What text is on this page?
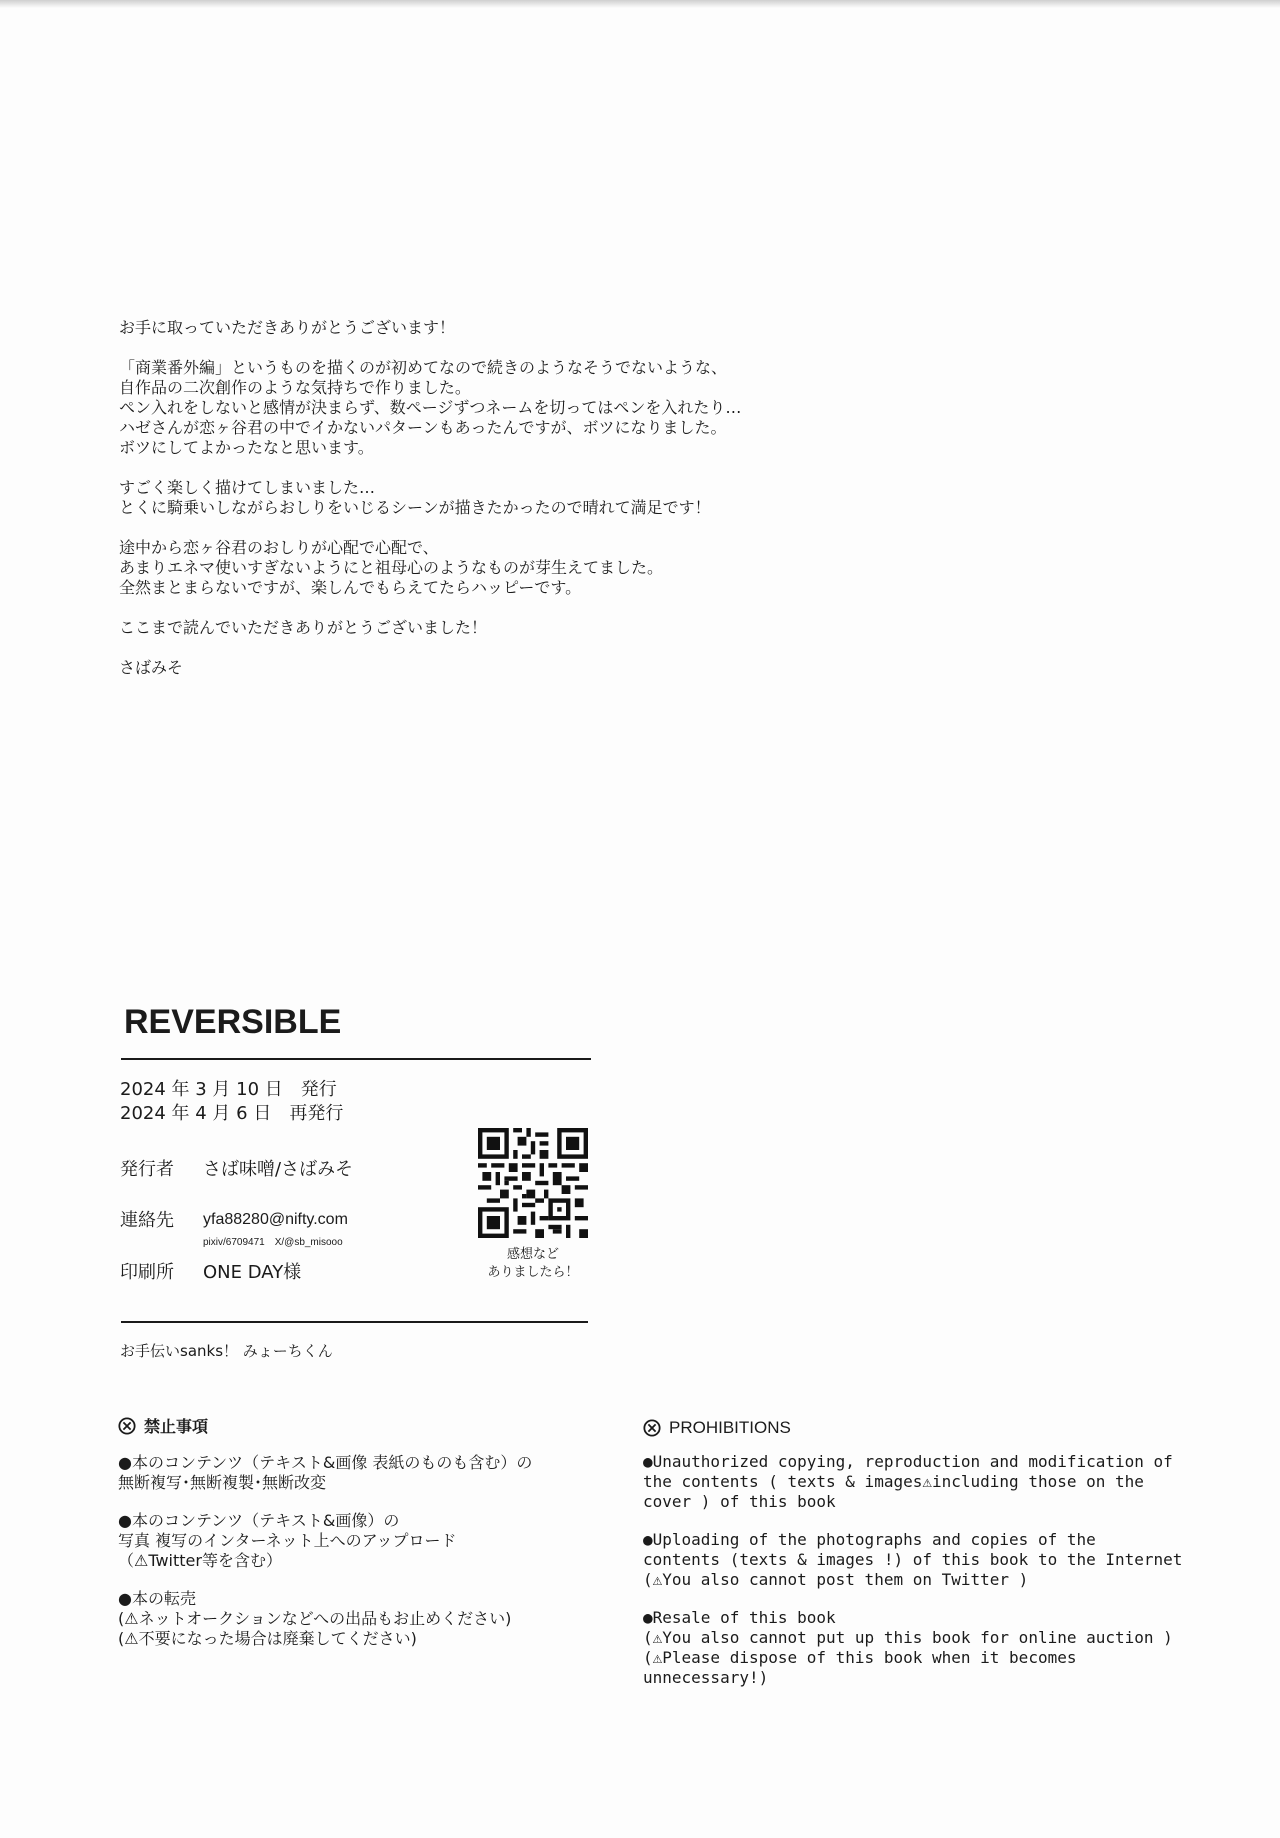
お手に取っていただきありがとうございます！

「商業番外編」というものを描くのが初めてなので続きのようなそうでないような、

自作品の二次創作のような気持ちで作りました。

ペン入れをしないと感情が決まらず、数ページずつネームを切ってはペンを入れたり…

ハゼさんが恋ヶ谷君の中でイかないパターンもあったんですが、ボツになりました。

ボツにしてよかったなと思います。

すごく楽しく描けてしまいました…

とくに騎乗いしながらおしりをいじるシーンが描きたかったので晴れて満足です！

途中から恋ヶ谷君のおしりが心配で心配で、

あまりエネマ使いすぎないようにと祖母心のようなものが芽生えてました。

全然まとまらないですが、楽しんでもらえてたらハッピーです。

ここまで読んでいただきありがとうございました！

さばみそ

REVERSIBLE
2024 年 3 月 10 日　発行
2024 年 4 月 6 日　再発行
発行者 さば味噌/さばみそ
連絡先 yfa88280@nifty.com
pixiv/6709471　X/@sb_misooo
印刷所 ONE DAY様
感想など
ありましたら！
お手伝いsanks！ みょーちくん
禁止事項
●本のコンテンツ（テキスト&画像 表紙のものも含む）の
無断複写･無断複製･無断改変
●本のコンテンツ（テキスト&画像）の
写真 複写のインターネット上へのアップロード
（⚠Twitter等を含む）
●本の転売
(⚠ネットオークションなどへの出品もお止めください)
(⚠不要になった場合は廃棄してください)
PROHIBITIONS
●Unauthorized copying, reproduction and modification of
the contents ( texts & images⚠including those on the
cover ) of this book
●Uploading of the photographs and copies of the
contents (texts & images !) of this book to the Internet
(⚠You also cannot post them on Twitter )
●Resale of this book
(⚠You also cannot put up this book for online auction )
(⚠Please dispose of this book when it becomes
unnecessary!)
